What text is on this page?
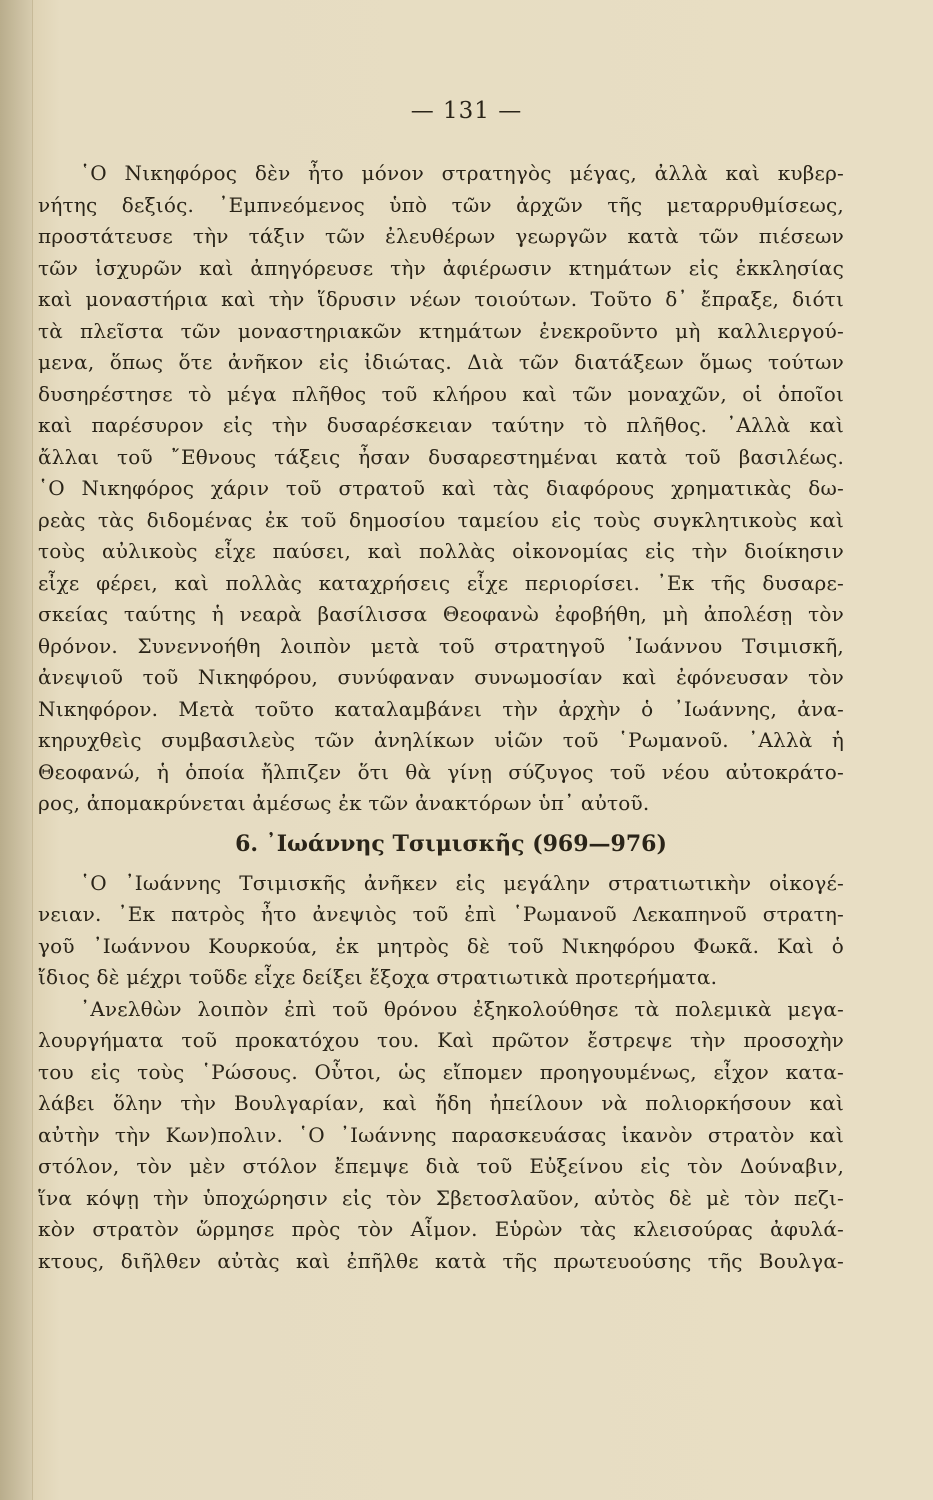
— 131 —
῾Ο Νικηφόρος δὲν ἦτο μόνον στρατηγὸς μέγας, ἀλλὰ καὶ κυβερ-
νήτης δεξιός. ᾿Εμπνεόμενος ὑπὸ τῶν ἀρχῶν τῆς μεταρρυθμίσεως,
προστάτευσε τὴν τάξιν τῶν ἐλευθέρων γεωργῶν κατὰ τῶν πιέσεων
τῶν ἰσχυρῶν καὶ ἀπηγόρευσε τὴν ἀφιέρωσιν κτημάτων εἰς ἐκκλησίας
καὶ μοναστήρια καὶ τὴν ἵδρυσιν νέων τοιούτων. Τοῦτο δ᾿ ἔπραξε, διότι
τὰ πλεῖστα τῶν μοναστηριακῶν κτημάτων ἐνεκροῦντο μὴ καλλιεργού-
μενα, ὅπως ὅτε ἀνῆκον εἰς ἰδιώτας. Διὰ τῶν διατάξεων ὅμως τούτων
δυσηρέστησε τὸ μέγα πλῆθος τοῦ κλήρου καὶ τῶν μοναχῶν, οἱ ὁποῖοι
καὶ παρέσυρον εἰς τὴν δυσαρέσκειαν ταύτην τὸ πλῆθος. ᾿Αλλὰ καὶ
ἄλλαι τοῦ ῎Εθνους τάξεις ἦσαν δυσαρεστημέναι κατὰ τοῦ βασιλέως.
῾Ο Νικηφόρος χάριν τοῦ στρατοῦ καὶ τὰς διαφόρους χρηματικὰς δω-
ρεὰς τὰς διδομένας ἐκ τοῦ δημοσίου ταμείου εἰς τοὺς συγκλητικοὺς καὶ
τοὺς αὐλικοὺς εἶχε παύσει, καὶ πολλὰς οἰκονομίας εἰς τὴν διοίκησιν
εἶχε φέρει, καὶ πολλὰς καταχρήσεις εἶχε περιορίσει. ᾿Εκ τῆς δυσαρε-
σκείας ταύτης ἡ νεαρὰ βασίλισσα Θεοφανὼ ἐφοβήθη, μὴ ἀπολέσῃ τὸν
θρόνον. Συνεννοήθη λοιπὸν μετὰ τοῦ στρατηγοῦ ᾿Ιωάννου Τσιμισκῆ,
ἀνεψιοῦ τοῦ Νικηφόρου, συνύφαναν συνωμοσίαν καὶ ἐφόνευσαν τὸν
Νικηφόρον. Μετὰ τοῦτο καταλαμβάνει τὴν ἀρχὴν ὁ ᾿Ιωάννης, ἀνα-
κηρυχθεὶς συμβασιλεὺς τῶν ἀνηλίκων υἱῶν τοῦ ῾Ρωμανοῦ. ᾿Αλλὰ ἡ
Θεοφανώ, ἡ ὁποία ἤλπιζεν ὅτι θὰ γίνῃ σύζυγος τοῦ νέου αὐτοκράτο-
ρος, ἀπομακρύνεται ἀμέσως ἐκ τῶν ἀνακτόρων ὑπ᾿ αὐτοῦ.
6. ᾿Ιωάννης Τσιμισκῆς (969—976)
῾Ο ᾿Ιωάννης Τσιμισκῆς ἀνῆκεν εἰς μεγάλην στρατιωτικὴν οἰκογέ-
νειαν. ᾿Εκ πατρὸς ἦτο ἀνεψιὸς τοῦ ἐπὶ ῾Ρωμανοῦ Λεκαπηνοῦ στρατη-
γοῦ ᾿Ιωάννου Κουρκούα, ἐκ μητρὸς δὲ τοῦ Νικηφόρου Φωκᾶ. Καὶ ὁ
ἴδιος δὲ μέχρι τοῦδε εἶχε δείξει ἔξοχα στρατιωτικὰ προτερήματα.
᾿Ανελθὼν λοιπὸν ἐπὶ τοῦ θρόνου ἐξηκολούθησε τὰ πολεμικὰ μεγα-
λουργήματα τοῦ προκατόχου του. Καὶ πρῶτον ἔστρεψε τὴν προσοχὴν
του εἰς τοὺς ῾Ρώσους. Οὗτοι, ὡς εἴπομεν προηγουμένως, εἶχον κατα-
λάβει ὅλην τὴν Βουλγαρίαν, καὶ ἤδη ἠπείλουν νὰ πολιορκήσουν καὶ
αὐτὴν τὴν Κων)πολιν. ῾Ο ᾿Ιωάννης παρασκευάσας ἱκανὸν στρατὸν καὶ
στόλον, τὸν μὲν στόλον ἔπεμψε διὰ τοῦ Εὐξείνου εἰς τὸν Δούναβιν,
ἵνα κόψῃ τὴν ὑποχώρησιν εἰς τὸν Σβετοσλαῦον, αὐτὸς δὲ μὲ τὸν πεζι-
κὸν στρατὸν ὥρμησε πρὸς τὸν Αἷμον. Εὑρὼν τὰς κλεισούρας ἀφυλά-
κτους, διῆλθεν αὐτὰς καὶ ἐπῆλθε κατὰ τῆς πρωτευούσης τῆς Βουλγα-
